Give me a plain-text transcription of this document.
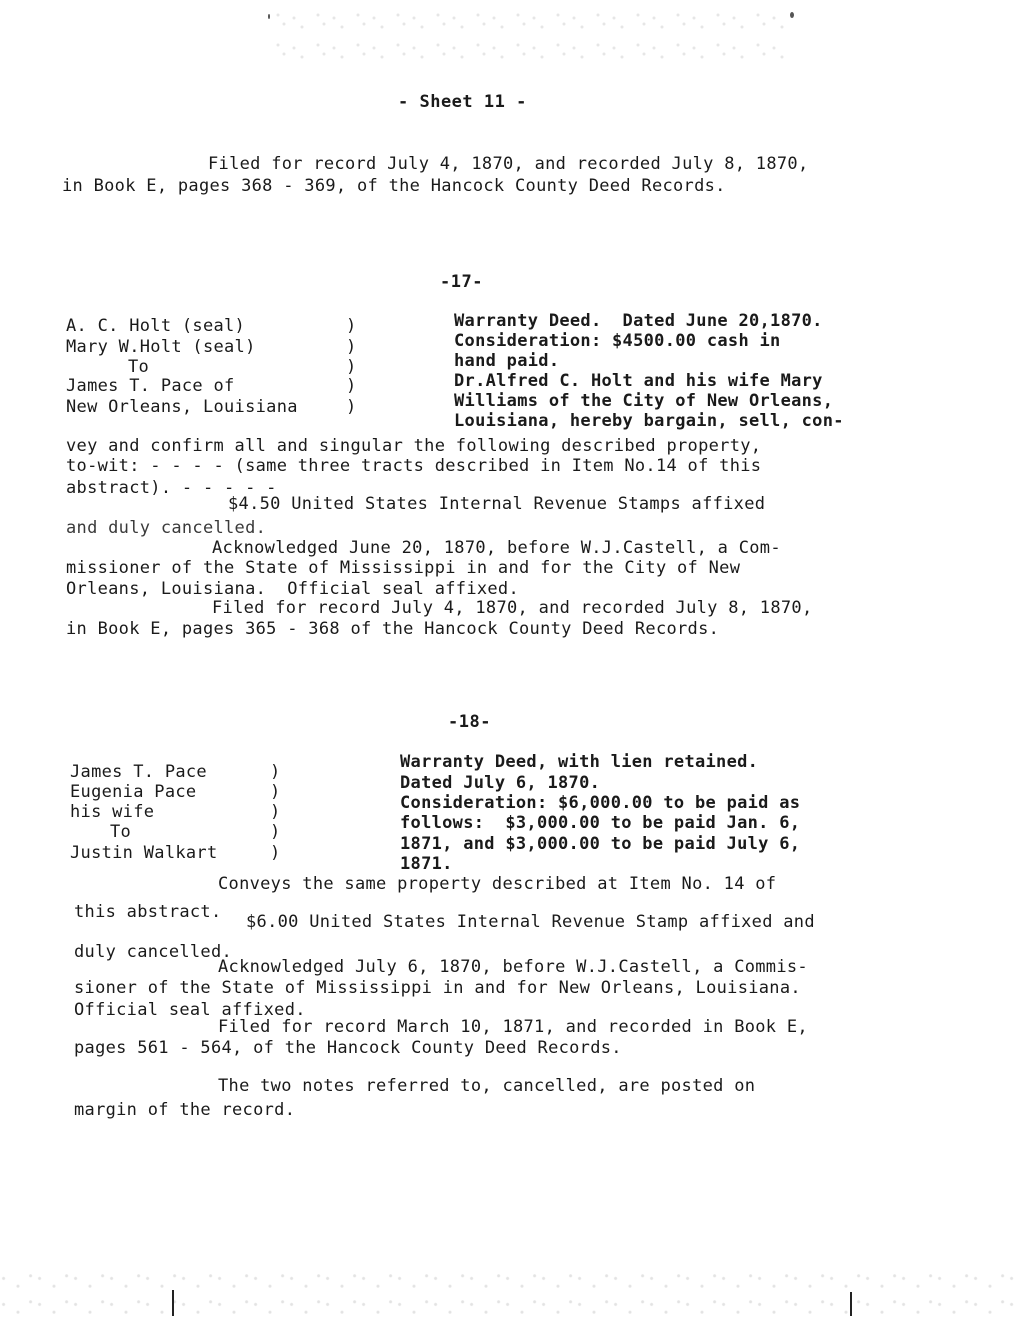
- Sheet 11 -
Filed for record July 4, 1870, and recorded July 8, 1870,
in Book E, pages 368 - 369, of the Hancock County Deed Records.
-17-
A. C. Holt (seal)
Mary W.Holt (seal)
To
James T. Pace of
New Orleans, Louisiana
)
)
)
)
)
Warranty Deed.  Dated June 20,1870.
Consideration: $4500.00 cash in
hand paid.
Dr.Alfred C. Holt and his wife Mary
Williams of the City of New Orleans,
Louisiana, hereby bargain, sell, con-
vey and confirm all and singular the following described property,
to-wit: - - - - (same three tracts described in Item No.14 of this
abstract). - - - - -
$4.50 United States Internal Revenue Stamps affixed
and duly cancelled.
Acknowledged June 20, 1870, before W.J.Castell, a Com-
missioner of the State of Mississippi in and for the City of New
Orleans, Louisiana.  Official seal affixed.
Filed for record July 4, 1870, and recorded July 8, 1870,
in Book E, pages 365 - 368 of the Hancock County Deed Records.
-18-
James T. Pace
Eugenia Pace
his wife
To
Justin Walkart
)
)
)
)
)
Warranty Deed, with lien retained.
Dated July 6, 1870.
Consideration: $6,000.00 to be paid as
follows:  $3,000.00 to be paid Jan. 6,
1871, and $3,000.00 to be paid July 6,
1871.
Conveys the same property described at Item No. 14 of
this abstract. $6.00 United States Internal Revenue Stamp affixed and
duly cancelled.
Acknowledged July 6, 1870, before W.J.Castell, a Commis-
sioner of the State of Mississippi in and for New Orleans, Louisiana.
Official seal affixed.
Filed for record March 10, 1871, and recorded in Book E,
pages 561 - 564, of the Hancock County Deed Records.
The two notes referred to, cancelled, are posted on
margin of the record.
